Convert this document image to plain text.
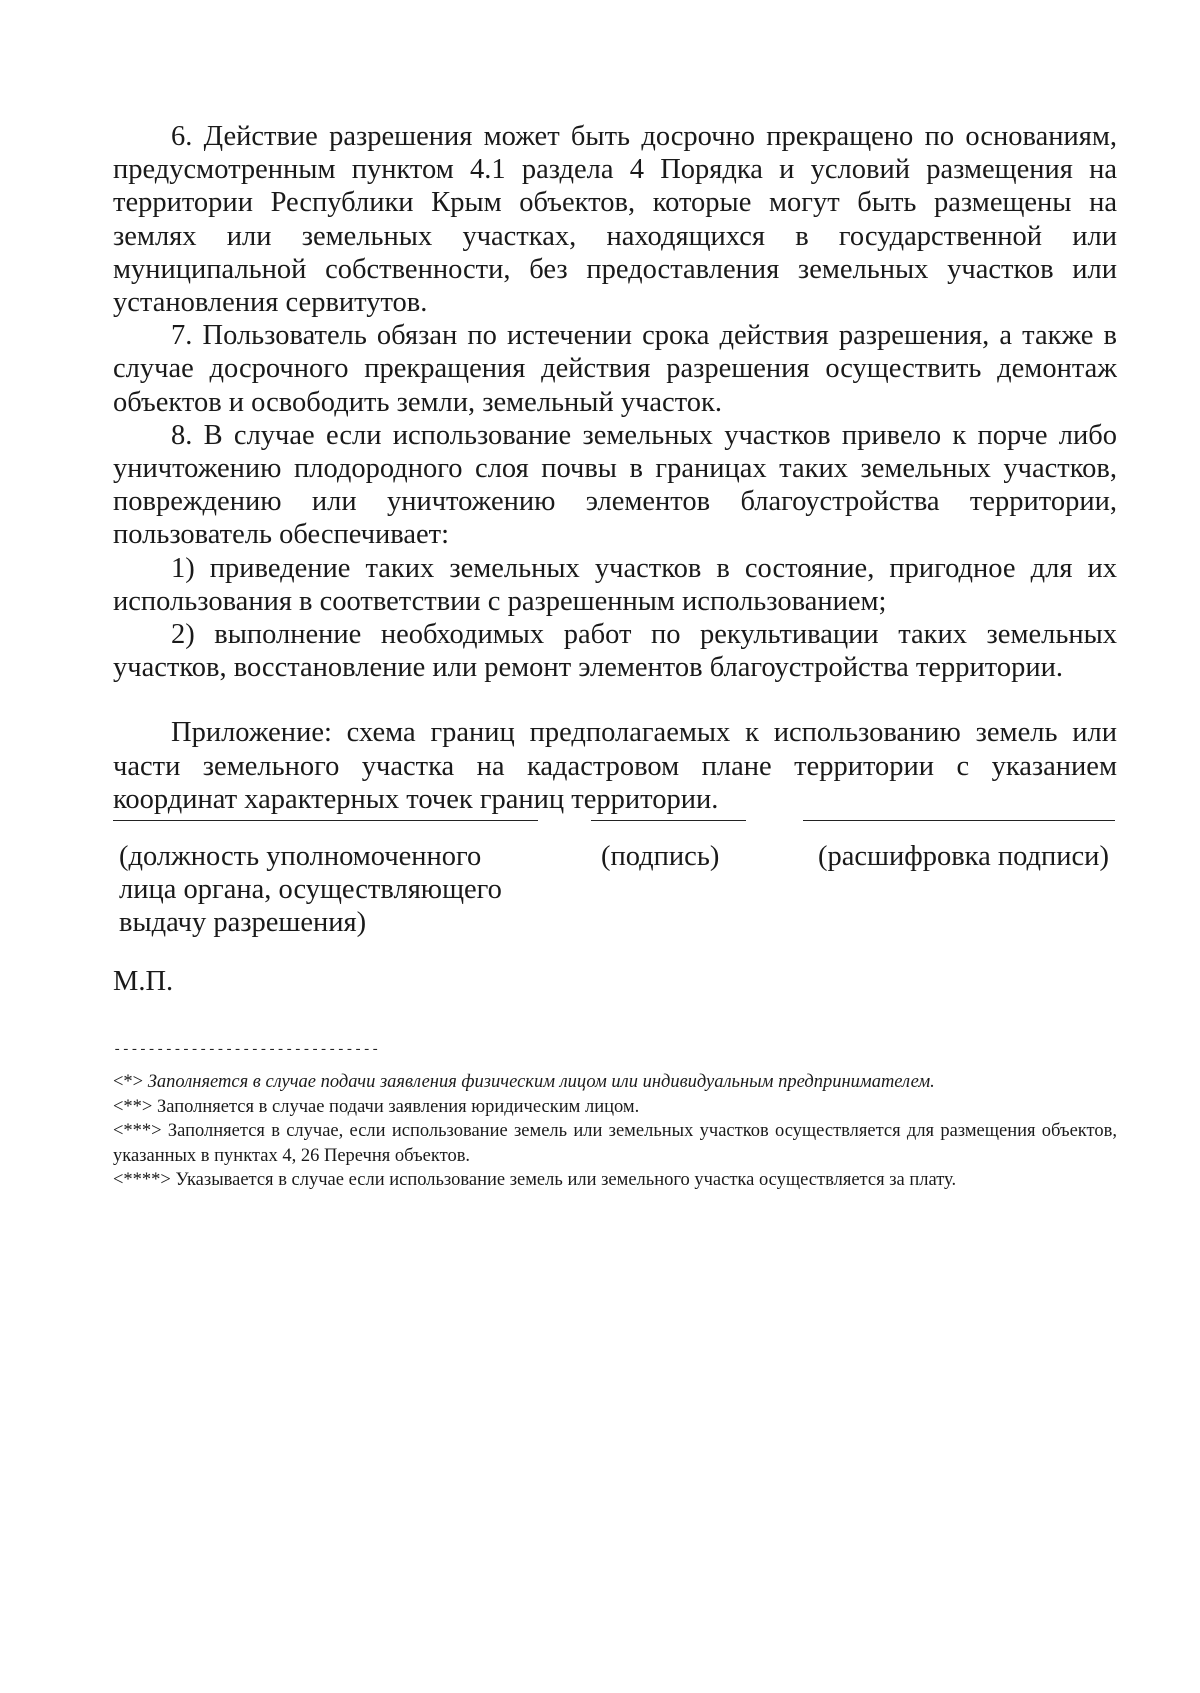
6. Действие разрешения может быть досрочно прекращено по основаниям, предусмотренным пунктом 4.1 раздела 4 Порядка и условий размещения на территории Республики Крым объектов, которые могут быть размещены на землях или земельных участках, находящихся в государственной или муниципальной собственности, без предоставления земельных участков или установления сервитутов.

7. Пользователь обязан по истечении срока действия разрешения, а также в случае досрочного прекращения действия разрешения осуществить демонтаж объектов и освободить земли, земельный участок.

8. В случае если использование земельных участков привело к порче либо уничтожению плодородного слоя почвы в границах таких земельных участков, повреждению или уничтожению элементов благоустройства территории, пользователь обеспечивает:

1) приведение таких земельных участков в состояние, пригодное для их использования в соответствии с разрешенным использованием;

2) выполнение необходимых работ по рекультивации таких земельных участков, восстановление или ремонт элементов благоустройства территории.

Приложение: схема границ предполагаемых к использованию земель или части земельного участка на кадастровом плане территории с указанием координат характерных точек границ территории.

(должность уполномоченного
лица органа, осуществляющего
выдачу разрешения)
(подпись)	(расшифровка подписи)

М.П.

-------------------------------

<*> Заполняется в случае подачи заявления физическим лицом или индивидуальным предпринимателем.

<**> Заполняется в случае подачи заявления юридическим лицом.

<***> Заполняется в случае, если использование земель или земельных участков осуществляется для размещения объектов, указанных в пунктах 4, 26 Перечня объектов.

<****> Указывается в случае если использование земель или земельного участка осуществляется за плату.
